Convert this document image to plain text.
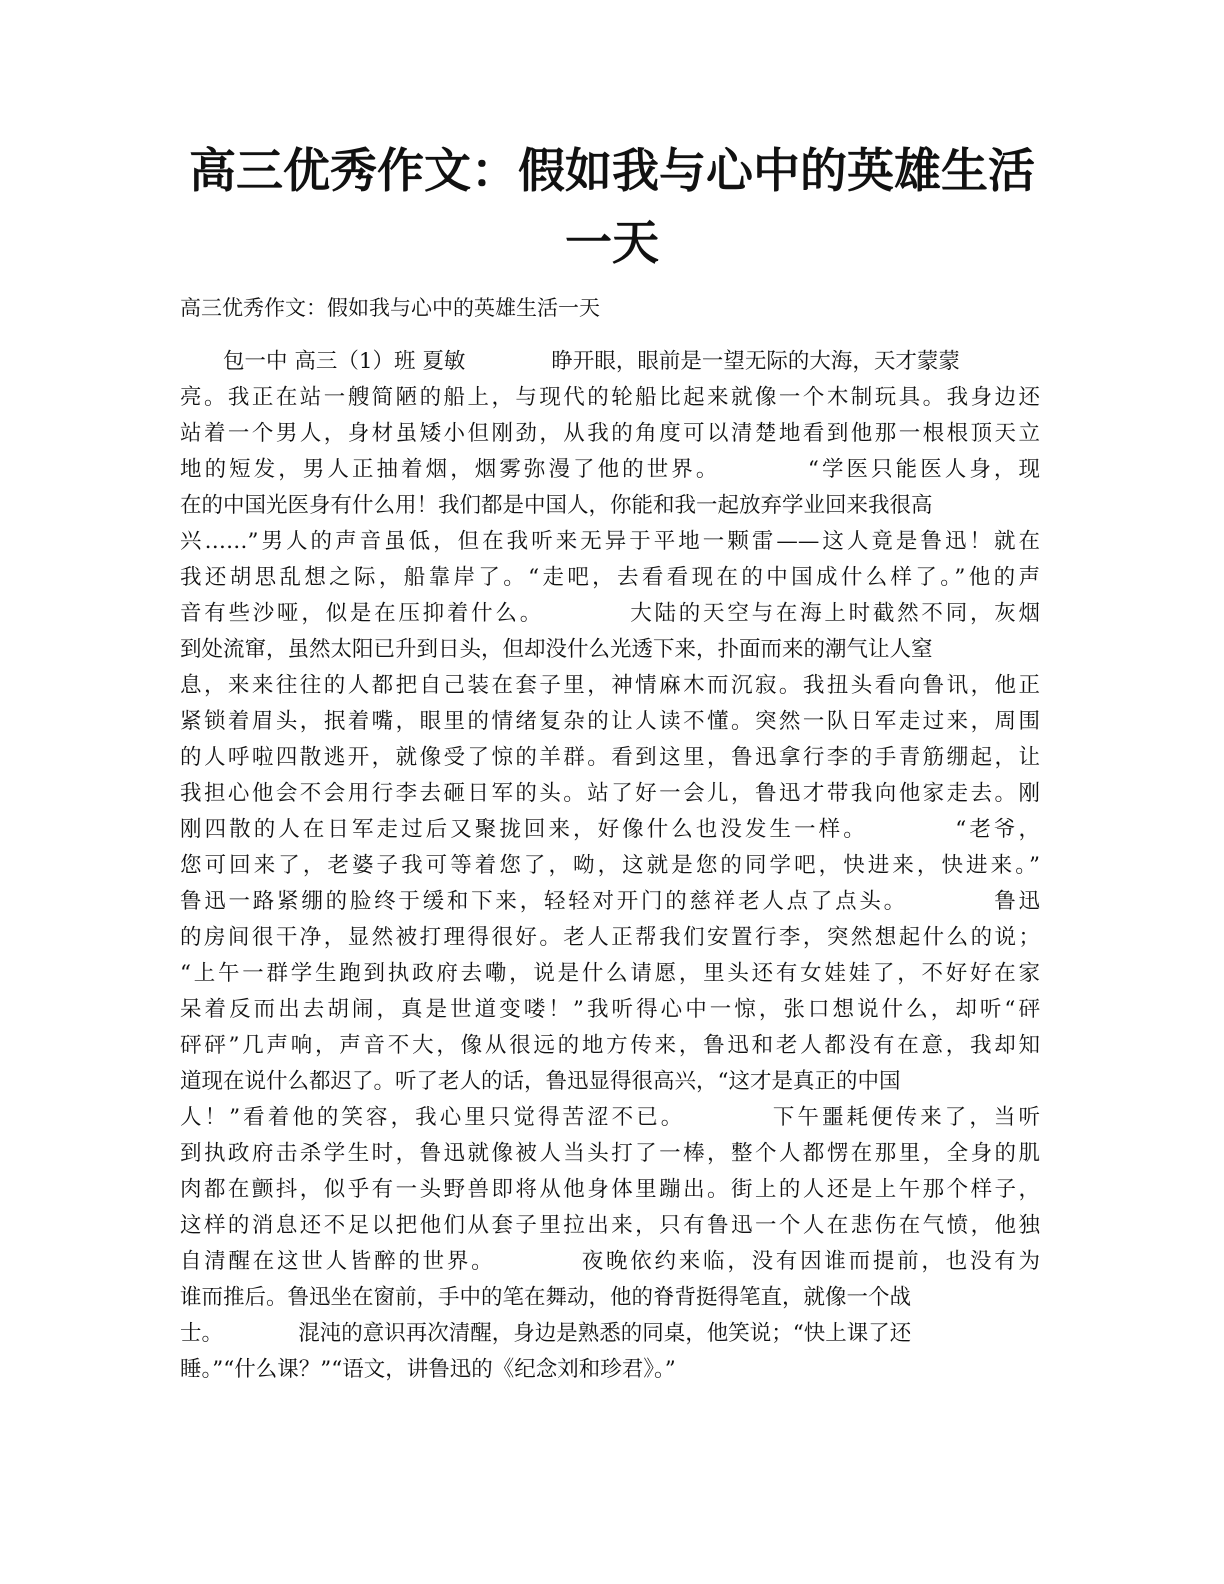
高三优秀作文：假如我与心中的英雄生活一天

高三优秀作文：假如我与心中的英雄生活一天

包一中 高三（1）班 夏敏　　　　睁开眼，眼前是一望无际的大海，天才蒙蒙

亮。我正在站一艘简陋的船上，与现代的轮船比起来就像一个木制玩具。我身边还

站着一个男人，身材虽矮小但刚劲，从我的角度可以清楚地看到他那一根根顶天立

地的短发，男人正抽着烟，烟雾弥漫了他的世界。　　　　“学医只能医人身，现

在的中国光医身有什么用！我们都是中国人，你能和我一起放弃学业回来我很高

兴……”男人的声音虽低，但在我听来无异于平地一颗雷——这人竟是鲁迅！就在

我还胡思乱想之际，船靠岸了。“走吧，去看看现在的中国成什么样了。”他的声

音有些沙哑，似是在压抑着什么。　　　　大陆的天空与在海上时截然不同，灰烟

到处流窜，虽然太阳已升到日头，但却没什么光透下来，扑面而来的潮气让人窒

息，来来往往的人都把自己装在套子里，神情麻木而沉寂。我扭头看向鲁讯，他正

紧锁着眉头，抿着嘴，眼里的情绪复杂的让人读不懂。突然一队日军走过来，周围

的人呼啦四散逃开，就像受了惊的羊群。看到这里，鲁迅拿行李的手青筋绷起，让

我担心他会不会用行李去砸日军的头。站了好一会儿，鲁迅才带我向他家走去。刚

刚四散的人在日军走过后又聚拢回来，好像什么也没发生一样。　　　　“老爷，

您可回来了，老婆子我可等着您了，呦，这就是您的同学吧，快进来，快进来。”

鲁迅一路紧绷的脸终于缓和下来，轻轻对开门的慈祥老人点了点头。　　　　鲁迅

的房间很干净，显然被打理得很好。老人正帮我们安置行李，突然想起什么的说；

“上午一群学生跑到执政府去嘞，说是什么请愿，里头还有女娃娃了，不好好在家

呆着反而出去胡闹，真是世道变喽！”我听得心中一惊，张口想说什么，却听“砰

砰砰”几声响，声音不大，像从很远的地方传来，鲁迅和老人都没有在意，我却知

道现在说什么都迟了。听了老人的话，鲁迅显得很高兴，“这才是真正的中国

人！”看着他的笑容，我心里只觉得苦涩不已。　　　　下午噩耗便传来了，当听

到执政府击杀学生时，鲁迅就像被人当头打了一棒，整个人都愣在那里，全身的肌

肉都在颤抖，似乎有一头野兽即将从他身体里蹦出。街上的人还是上午那个样子，

这样的消息还不足以把他们从套子里拉出来，只有鲁迅一个人在悲伤在气愤，他独

自清醒在这世人皆醉的世界。　　　　夜晚依约来临，没有因谁而提前，也没有为

谁而推后。鲁迅坐在窗前，手中的笔在舞动，他的脊背挺得笔直，就像一个战

士。　　　　混沌的意识再次清醒，身边是熟悉的同桌，他笑说；“快上课了还

睡。”“什么课？”“语文，讲鲁迅的《纪念刘和珍君》。”
